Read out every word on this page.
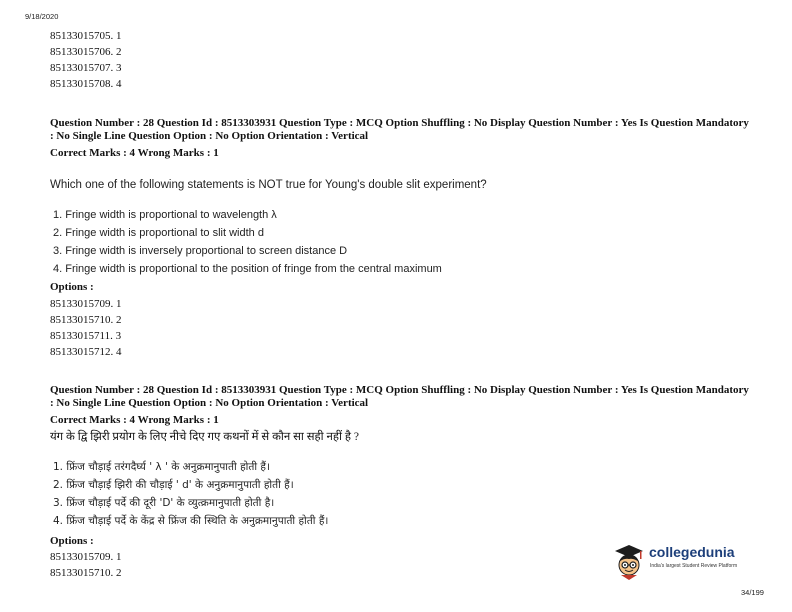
9/18/2020
85133015705. 1
85133015706. 2
85133015707. 3
85133015708. 4
Question Number : 28 Question Id : 8513303931 Question Type : MCQ Option Shuffling : No Display Question Number : Yes Is Question Mandatory : No Single Line Question Option : No Option Orientation : Vertical
Correct Marks : 4 Wrong Marks : 1
Which one of the following statements is NOT true for Young's double slit experiment?
1. Fringe width is proportional to wavelength λ
2. Fringe width is proportional to slit width d
3. Fringe width is inversely proportional to screen distance D
4. Fringe width is proportional to the position of fringe from the central maximum
Options :
85133015709. 1
85133015710. 2
85133015711. 3
85133015712. 4
Question Number : 28 Question Id : 8513303931 Question Type : MCQ Option Shuffling : No Display Question Number : Yes Is Question Mandatory : No Single Line Question Option : No Option Orientation : Vertical
Correct Marks : 4 Wrong Marks : 1
यंग के द्वि झिरी प्रयोग के लिए नीचे दिए गए कथनों में से कौन सा सही नहीं है ?
1. फ्रिंज चौड़ाई तरंगदैर्घ्य ' λ ' के अनुक्रमानुपाती होती हैं।
2. फ्रिंज चौड़ाई झिरी की चौड़ाई ' d' के अनुक्रमानुपाती होती हैं।
3. फ्रिंज चौड़ाई पर्दे की दूरी 'D' के व्युत्क्रमानुपाती होती है।
4. फ्रिंज चौड़ाई पर्दे के केंद्र से फ्रिंज की स्थिति के अनुक्रमानुपाती होती हैं।
Options :
85133015709. 1
85133015710. 2
collegedunia
India's largest Student Review Platform
34/199
